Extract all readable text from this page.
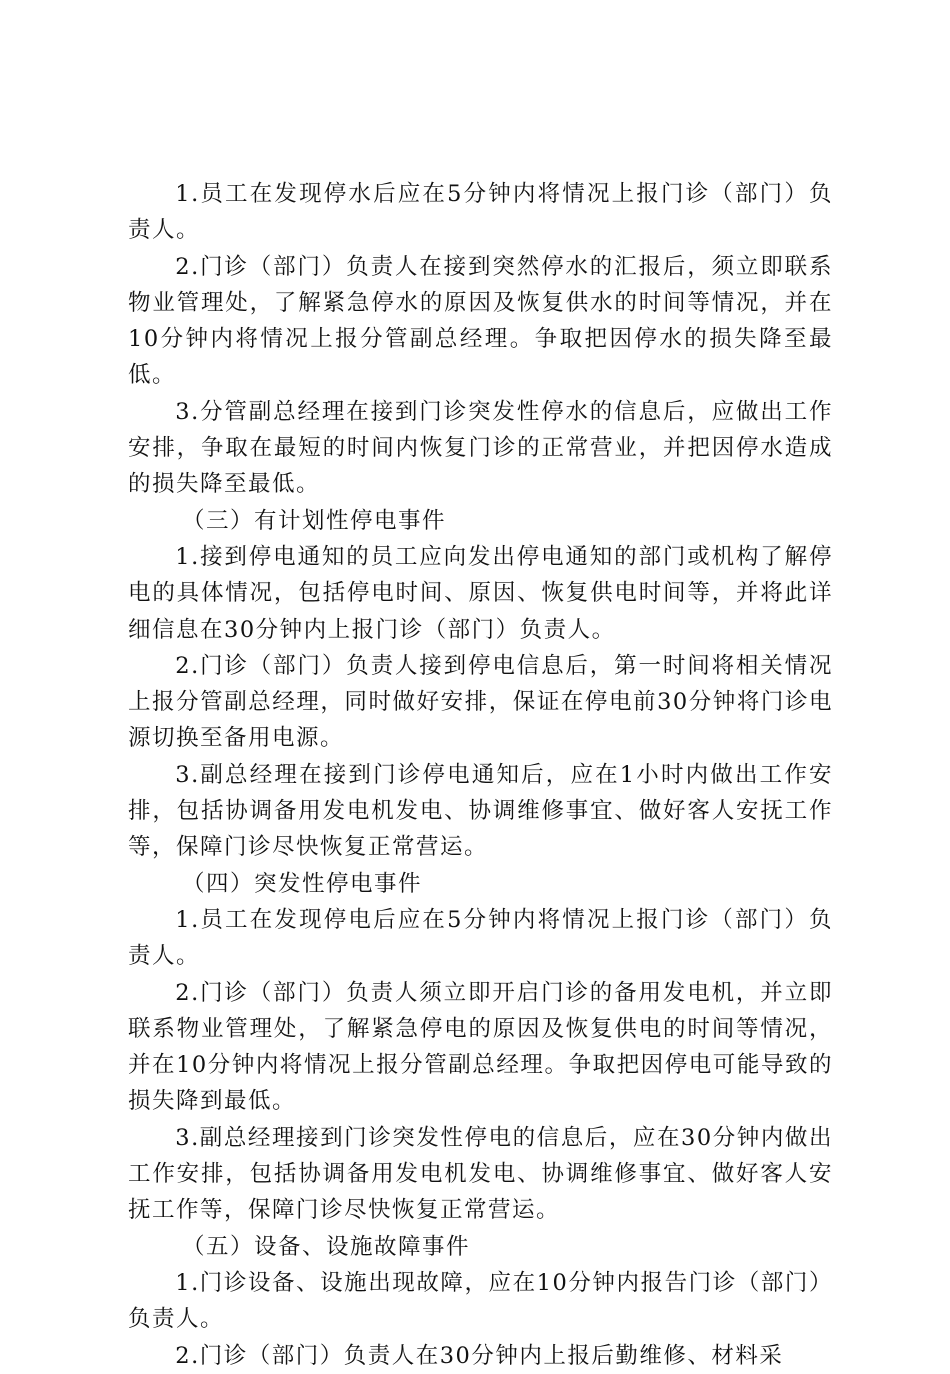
1.员工在发现停水后应在5分钟内将情况上报门诊（部门）负责人。

2.门诊（部门）负责人在接到突然停水的汇报后，须立即联系物业管理处，了解紧急停水的原因及恢复供水的时间等情况，并在10分钟内将情况上报分管副总经理。争取把因停水的损失降至最低。

3.分管副总经理在接到门诊突发性停水的信息后，应做出工作安排，争取在最短的时间内恢复门诊的正常营业，并把因停水造成的损失降至最低。

（三）有计划性停电事件

1.接到停电通知的员工应向发出停电通知的部门或机构了解停电的具体情况，包括停电时间、原因、恢复供电时间等，并将此详细信息在30分钟内上报门诊（部门）负责人。

2.门诊（部门）负责人接到停电信息后，第一时间将相关情况上报分管副总经理，同时做好安排，保证在停电前30分钟将门诊电源切换至备用电源。

3.副总经理在接到门诊停电通知后，应在1小时内做出工作安排，包括协调备用发电机发电、协调维修事宜、做好客人安抚工作等，保障门诊尽快恢复正常营运。

（四）突发性停电事件

1.员工在发现停电后应在5分钟内将情况上报门诊（部门）负责人。

2.门诊（部门）负责人须立即开启门诊的备用发电机，并立即联系物业管理处，了解紧急停电的原因及恢复供电的时间等情况，并在10分钟内将情况上报分管副总经理。争取把因停电可能导致的损失降到最低。

3.副总经理接到门诊突发性停电的信息后，应在30分钟内做出工作安排，包括协调备用发电机发电、协调维修事宜、做好客人安抚工作等，保障门诊尽快恢复正常营运。

（五）设备、设施故障事件

1.门诊设备、设施出现故障，应在10分钟内报告门诊（部门）负责人。

2.门诊（部门）负责人在30分钟内上报后勤维修、材料采
